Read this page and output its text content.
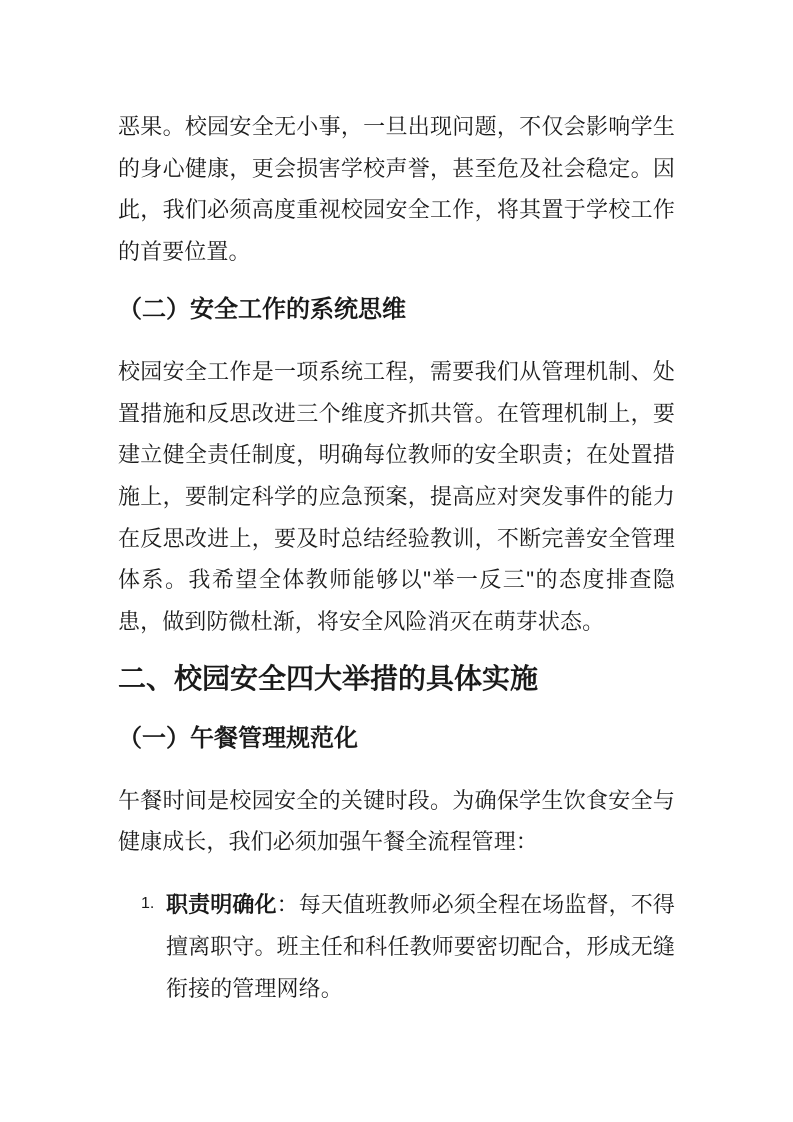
恶果。校园安全无小事，一旦出现问题，不仅会影响学生的身心健康，更会损害学校声誉，甚至危及社会稳定。因此，我们必须高度重视校园安全工作，将其置于学校工作的首要位置。

（二）安全工作的系统思维

校园安全工作是一项系统工程，需要我们从管理机制、处置措施和反思改进三个维度齐抓共管。在管理机制上，要建立健全责任制度，明确每位教师的安全职责；在处置措施上，要制定科学的应急预案，提高应对突发事件的能力在反思改进上，要及时总结经验教训，不断完善安全管理体系。我希望全体教师能够以"举一反三"的态度排查隐患，做到防微杜渐，将安全风险消灭在萌芽状态。

二、校园安全四大举措的具体实施
（一）午餐管理规范化

午餐时间是校园安全的关键时段。为确保学生饮食安全与健康成长，我们必须加强午餐全流程管理：

1. 职责明确化：每天值班教师必须全程在场监督，不得擅离职守。班主任和科任教师要密切配合，形成无缝衔接的管理网络。
